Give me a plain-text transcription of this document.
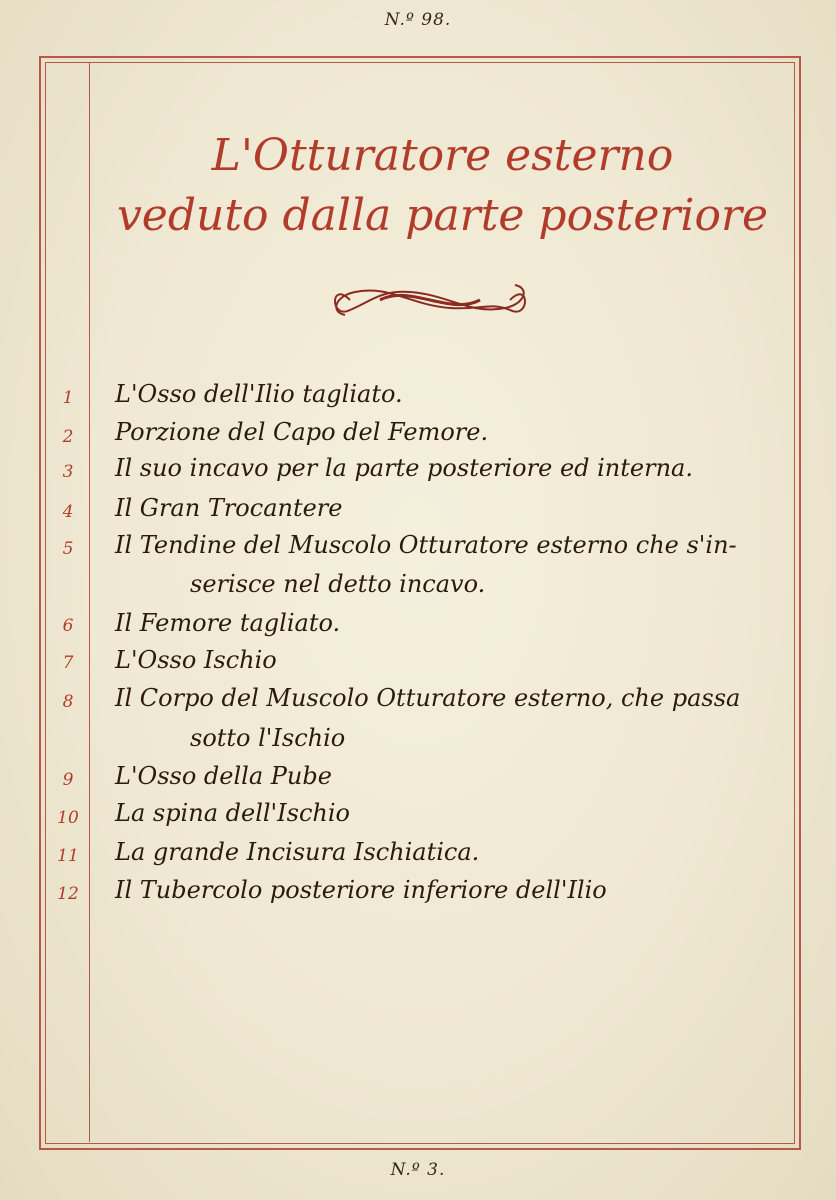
N.º 98.
L'Otturatore esterno
veduto dalla parte posteriore
1	L'Osso dell'Ilio tagliato.
2	Porzione del Capo del Femore.
3	Il suo incavo per la parte posteriore ed interna.
4	Il Gran Trocantere
5	Il Tendine del Muscolo Otturatore esterno che s'in-
serisce nel detto incavo.
6	Il Femore tagliato.
7	L'Osso Ischio
8	Il Corpo del Muscolo Otturatore esterno, che passa
sotto l'Ischio
9	L'Osso della Pube
10	La spina dell'Ischio
11	La grande Incisura Ischiatica.
12	Il Tubercolo posteriore inferiore dell'Ilio
N.º 3.
